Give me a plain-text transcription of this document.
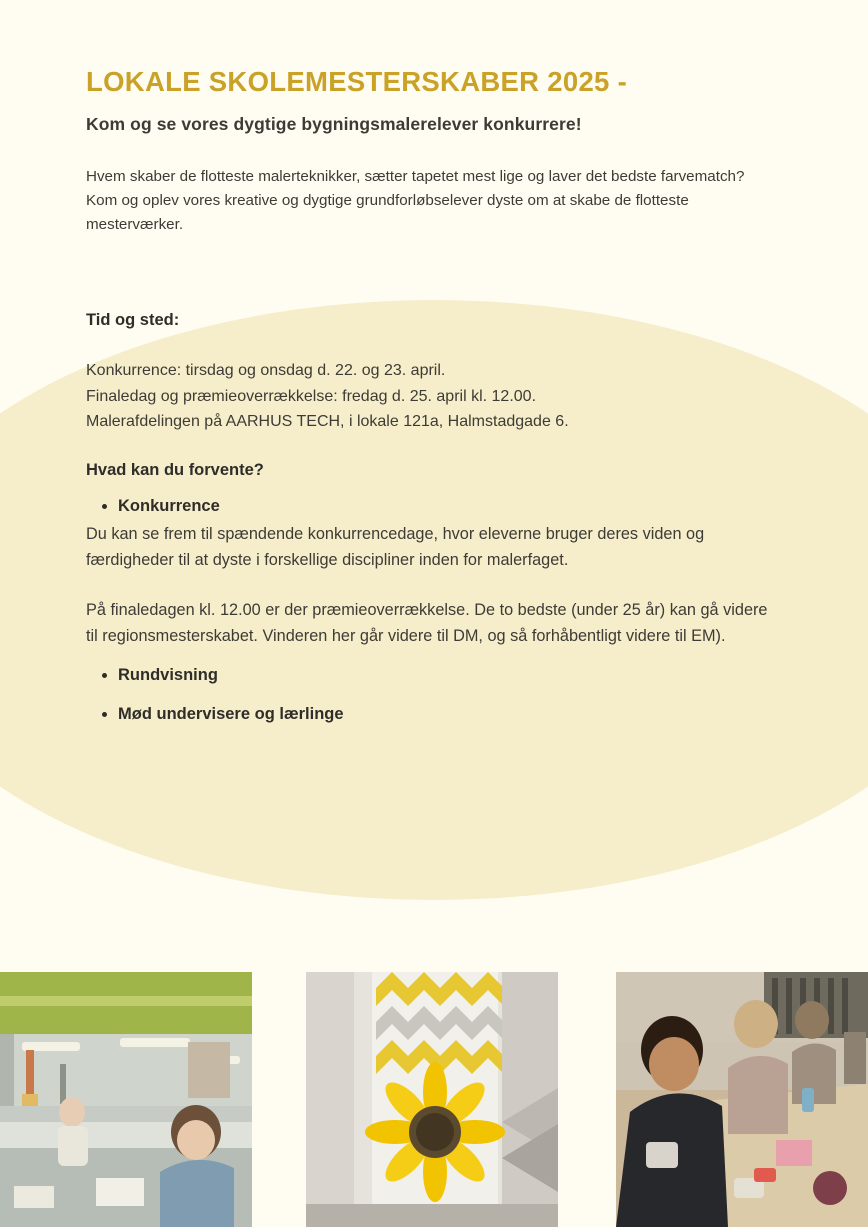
LOKALE SKOLEMESTERSKABER 2025 -

Kom og se vores dygtige bygningsmalerelever konkurrere!

Hvem skaber de flotteste malerteknikker, sætter tapetet mest lige og laver det bedste farvematch? Kom og oplev vores kreative og dygtige grundforløbselever dyste om at skabe de flotteste mesterværker.

Tid og sted:

Konkurrence: tirsdag og onsdag d. 22. og 23. april.
Finaledag og præmieoverrækkelse: fredag d. 25. april kl. 12.00.
Malerafdelingen på AARHUS TECH, i lokale 121a, Halmstadgade 6.

Hvad kan du forvente?

• Konkurrence

Du kan se frem til spændende konkurrencedage, hvor eleverne bruger deres viden og færdigheder til at dyste i forskellige discipliner inden for malerfaget.

På finaledagen kl. 12.00 er der præmieoverrækkelse. De to bedste (under 25 år) kan gå videre til regionsmesterskabet. Vinderen her går videre til DM, og så forhåbentligt videre til EM).

• Rundvisning
• Mød undervisere og lærlinge
